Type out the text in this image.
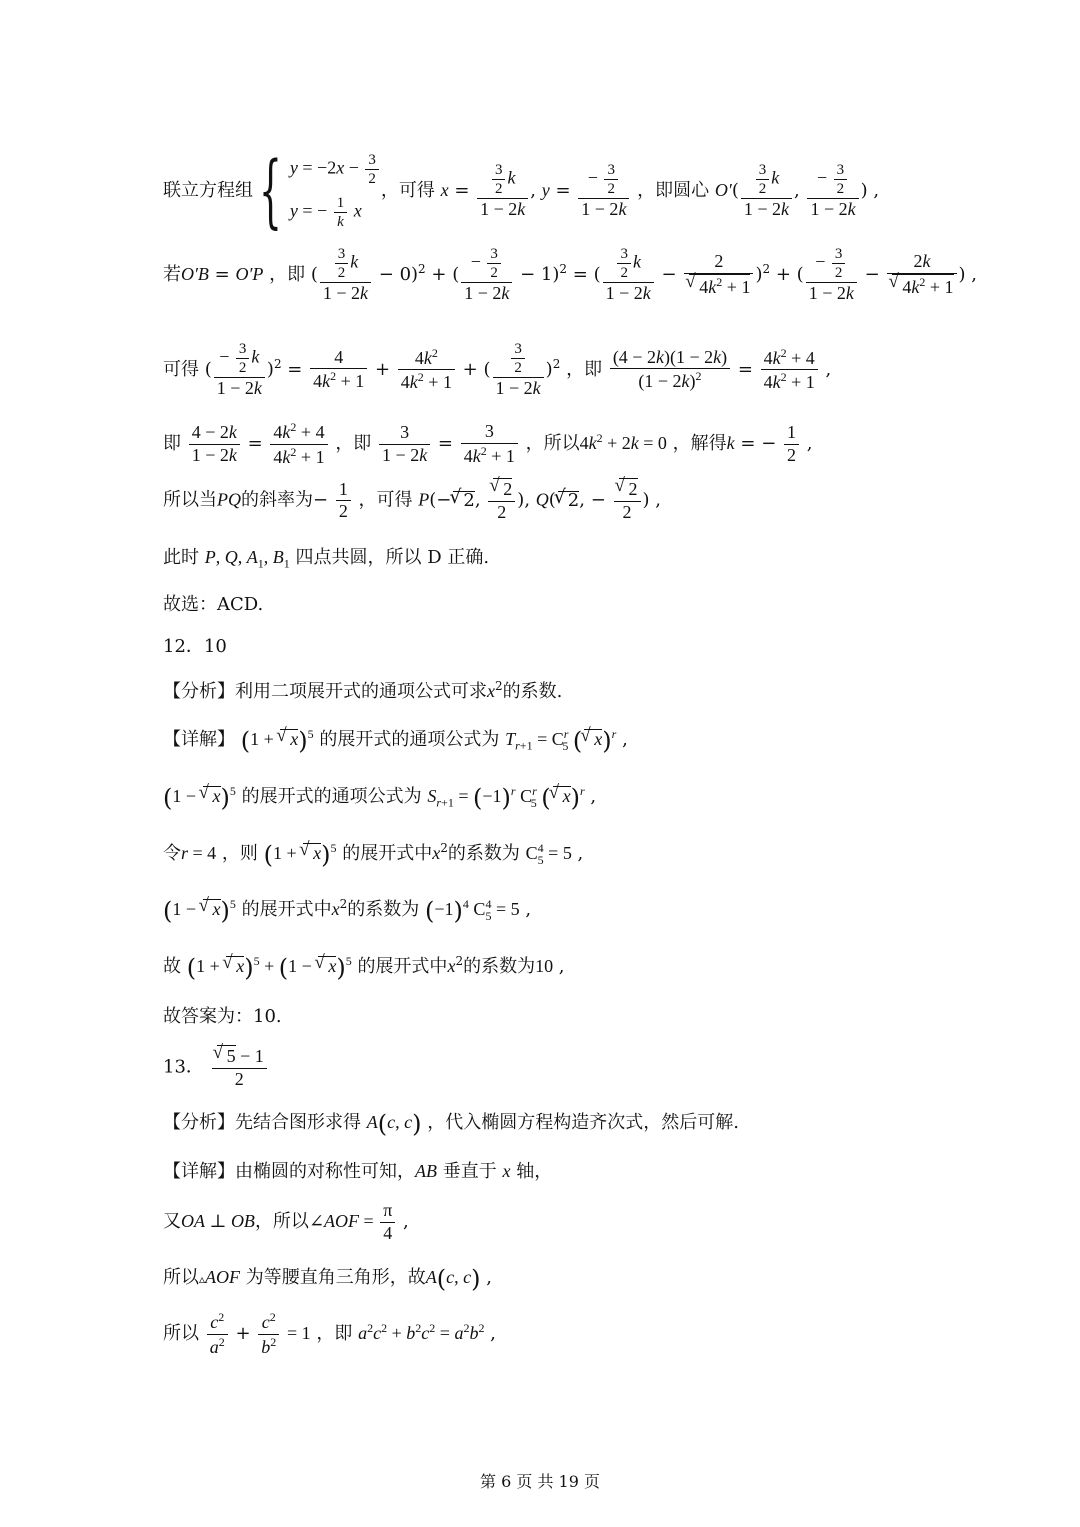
联立方程组{ $y = -2x - \frac{3}{2}$
y = − $\frac{1}{k}$ x
，可得 $x = \frac{\frac{3}{2} k}{1 - 2k}$ , $y = \frac{- \frac{3}{2}}{1 - 2k}$ ，即圆心 $O'( \frac{\frac{3}{2} k}{1 - 2k}$ , $\frac{- \frac{3}{2}}{1 - 2k}$ ) ,
若O′B = O′P ，即 ( $\frac{\frac{3}{2} k}{1 - 2k} - 0)^2$ + ( $\frac{- \frac{3}{2}}{1 - 2k} - 1)^2$ = ( $\frac{\frac{3}{2} k}{1 - 2k} - 2$
√ $4k^2 + 1$ )$^2$ + ( $\frac{- \frac{3}{2}}{1 - 2k} - 2k$
√ $4k^2 + 1$ ) ,
可得 ( $\frac{- \frac{3}{2} k}{1 - 2k} )^2 = \frac{4}{4k^2 + 1} + \frac{4k^2}{4k^2 + 1}$ + ( $\frac{\frac{3}{2}}{1 - 2k} )^2$ ，即 $\frac{(4 - 2k)(1 - 2k)}{(1 - 2k)^2} = \frac{4k^2 + 4}{4k^2 + 1}$ ,
即 $\frac{4 - 2k}{1 - 2k} = \frac{4k^2 + 4}{4k^2 + 1}$ ，即 $\frac{3}{1 - 2k} = \frac{3}{4k^2 + 1}$ ，所以$4k^2 + 2k = 0$ ，解得k = − $\frac{1}{2}$ ,
所以当PQ的斜率为− $\frac{1}{2}$ ，可得 P(− √ 2, √ $\frac{2}{2}$ ), Q( √ 2, − √ $\frac{2}{2}$ ) ,
此时 P, Q, $A_1$, $B_1$ 四点共圆，所以 D 正确.
故选：ACD.
12．10
【分析】利用二项展开式的通项公式可求$x^2$的系数.
【详解】 (1 + √ x)$^5$ 的展开式的通项公式为 $T_{r+1} = C^r_5$ ( √ x)$^r$ ,
(1 − √ x)$^5$ 的展开式的通项公式为 $S_{r+1} = (-1)^r$ $C^r_5$ ( √ x)$^r$ ,
令r = 4 ，则 (1 + √ x)$^5$ 的展开式中$x^2$的系数为 $C^4_5 = 5$ ,
(1 − √ x)$^5$ 的展开式中$x^2$的系数为 $(-1)^4$ $C^4_5 = 5$ ,
故 (1 + √ x)$^5$ + (1 − √ x)$^5$ 的展开式中$x^2$的系数为10 ,
故答案为：10.
13． √ $\frac{5 - 1}{2}$
【分析】先结合图形求得 A(c, c) ，代入椭圆方程构造齐次式，然后可解.
【详解】由椭圆的对称性可知，AB 垂直于 x 轴，
又OA ⊥ OB，所以∠AOF = $\frac{\pi}{4}$ ,
所以▵AOF 为等腰直角三角形，故A(c, c) ,
所以 $\frac{c^2}{a^2} + \frac{c^2}{b^2} = 1$ ，即 $a^2c^2 + b^2c^2 = a^2b^2$ ,
第 6 页 共 19 页
